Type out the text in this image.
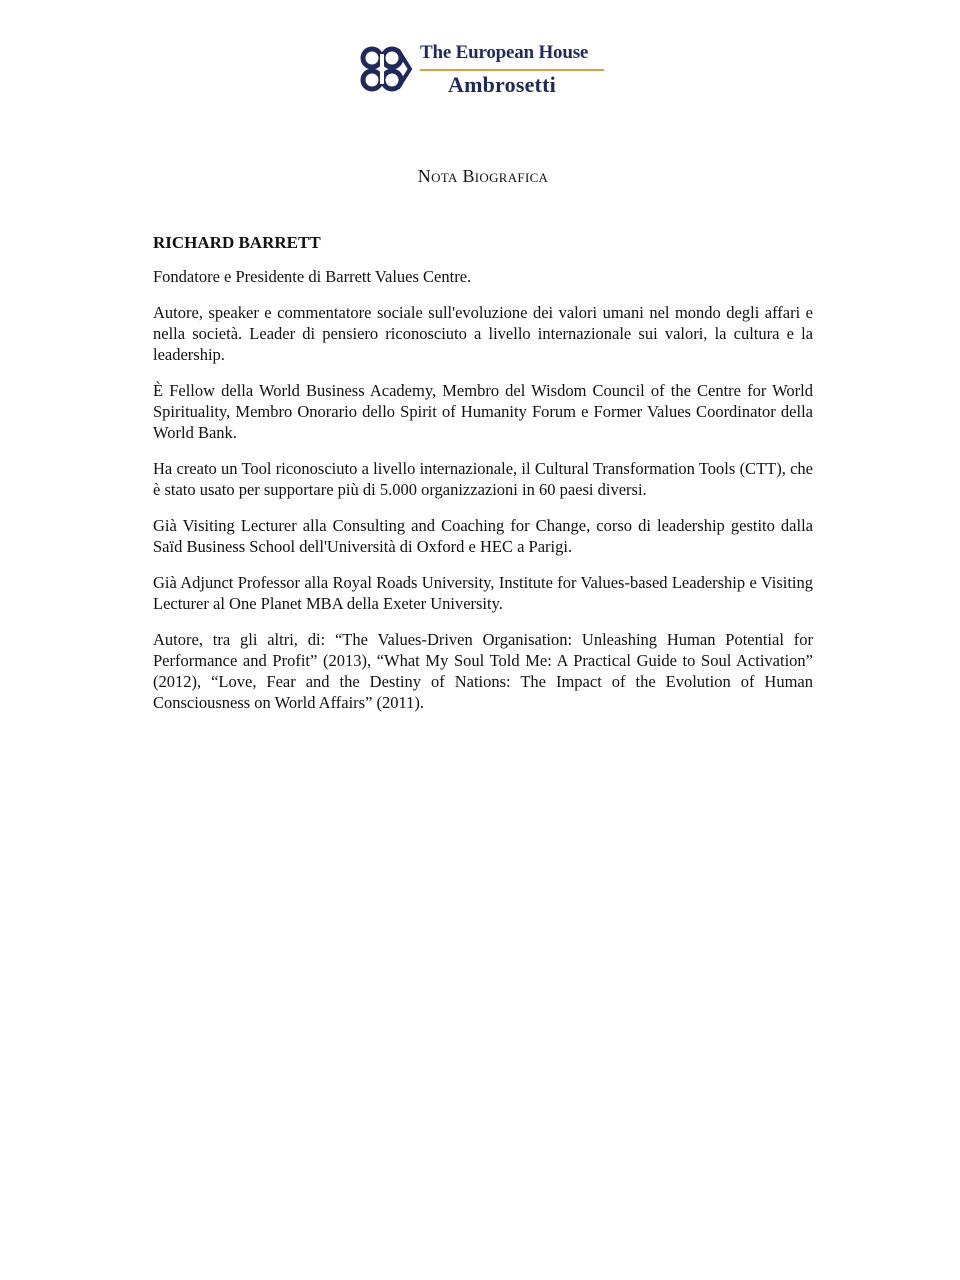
The European House
Ambrosetti
Nota Biografica
RICHARD BARRETT

Fondatore e Presidente di Barrett Values Centre.

Autore, speaker e commentatore sociale sull'evoluzione dei valori umani nel mondo degli affari e nella società. Leader di pensiero riconosciuto a livello internazionale sui valori, la cultura e la leadership.

È Fellow della World Business Academy, Membro del Wisdom Council of the Centre for World Spirituality, Membro Onorario dello Spirit of Humanity Forum e Former Values Coordinator della World Bank.

Ha creato un Tool riconosciuto a livello internazionale, il Cultural Transformation Tools (CTT), che è stato usato per supportare più di 5.000 organizzazioni in 60 paesi diversi.

Già Visiting Lecturer alla Consulting and Coaching for Change, corso di leadership gestito dalla Saïd Business School dell'Università di Oxford e HEC a Parigi.

Già Adjunct Professor alla Royal Roads University, Institute for Values-based Leadership e Visiting Lecturer al One Planet MBA della Exeter University.

Autore, tra gli altri, di: “The Values-Driven Organisation: Unleashing Human Potential for Performance and Profit” (2013), “What My Soul Told Me: A Practical Guide to Soul Activation” (2012), “Love, Fear and the Destiny of Nations: The Impact of the Evolution of Human Consciousness on World Affairs” (2011).
